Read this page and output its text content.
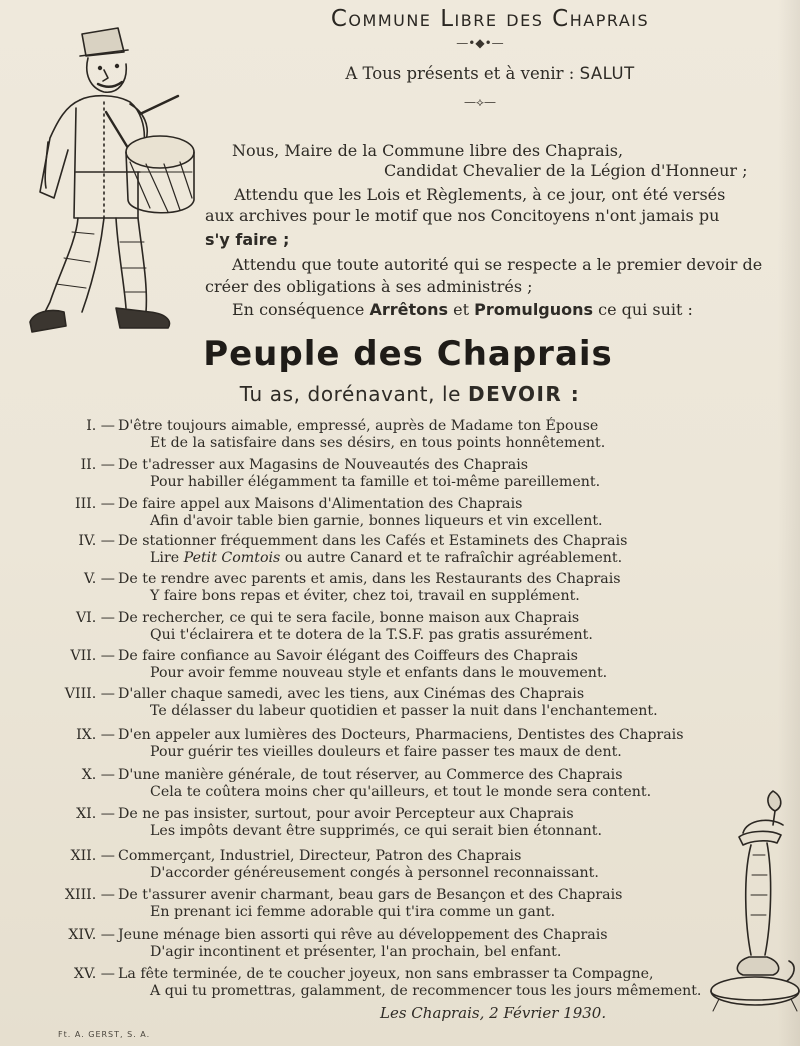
Commune Libre des Chaprais
—•◆•—
A Tous présents et à venir : SALUT
—⟡—
Nous, Maire de la Commune libre des Chaprais,
Candidat Chevalier de la Légion d'Honneur ;
Attendu que les Lois et Règlements, à ce jour, ont été versés
aux archives pour le motif que nos Concitoyens n'ont jamais pu
s'y faire ;
Attendu que toute autorité qui se respecte a le premier devoir de
créer des obligations à ses administrés ;
En conséquence Arrêtons et Promulguons ce qui suit :
Peuple des Chaprais
Tu as, dorénavant, le DEVOIR :
I. — D'être toujours aimable, empressé, auprès de Madame ton Épouse
Et de la satisfaire dans ses désirs, en tous points honnêtement.
II. — De t'adresser aux Magasins de Nouveautés des Chaprais
Pour habiller élégamment ta famille et toi-même pareillement.
III. — De faire appel aux Maisons d'Alimentation des Chaprais
Afin d'avoir table bien garnie, bonnes liqueurs et vin excellent.
IV. — De stationner fréquemment dans les Cafés et Estaminets des Chaprais
Lire Petit Comtois ou autre Canard et te rafraîchir agréablement.
V. — De te rendre avec parents et amis, dans les Restaurants des Chaprais
Y faire bons repas et éviter, chez toi, travail en supplément.
VI. — De rechercher, ce qui te sera facile, bonne maison aux Chaprais
Qui t'éclairera et te dotera de la T.S.F. pas gratis assurément.
VII. — De faire confiance au Savoir élégant des Coiffeurs des Chaprais
Pour avoir femme nouveau style et enfants dans le mouvement.
VIII. — D'aller chaque samedi, avec les tiens, aux Cinémas des Chaprais
Te délasser du labeur quotidien et passer la nuit dans l'enchantement.
IX. — D'en appeler aux lumières des Docteurs, Pharmaciens, Dentistes des Chaprais
Pour guérir tes vieilles douleurs et faire passer tes maux de dent.
X. — D'une manière générale, de tout réserver, au Commerce des Chaprais
Cela te coûtera moins cher qu'ailleurs, et tout le monde sera content.
XI. — De ne pas insister, surtout, pour avoir Percepteur aux Chaprais
Les impôts devant être supprimés, ce qui serait bien étonnant.
XII. — Commerçant, Industriel, Directeur, Patron des Chaprais
D'accorder généreusement congés à personnel reconnaissant.
XIII. — De t'assurer avenir charmant, beau gars de Besançon et des Chaprais
En prenant ici femme adorable qui t'ira comme un gant.
XIV. — Jeune ménage bien assorti qui rêve au développement des Chaprais
D'agir incontinent et présenter, l'an prochain, bel enfant.
XV. — La fête terminée, de te coucher joyeux, non sans embrasser ta Compagne,
A qui tu promettras, galamment, de recommencer tous les jours mêmement.
Les Chaprais, 2 Février 1930.
Ft. A. GERST, S. A.
